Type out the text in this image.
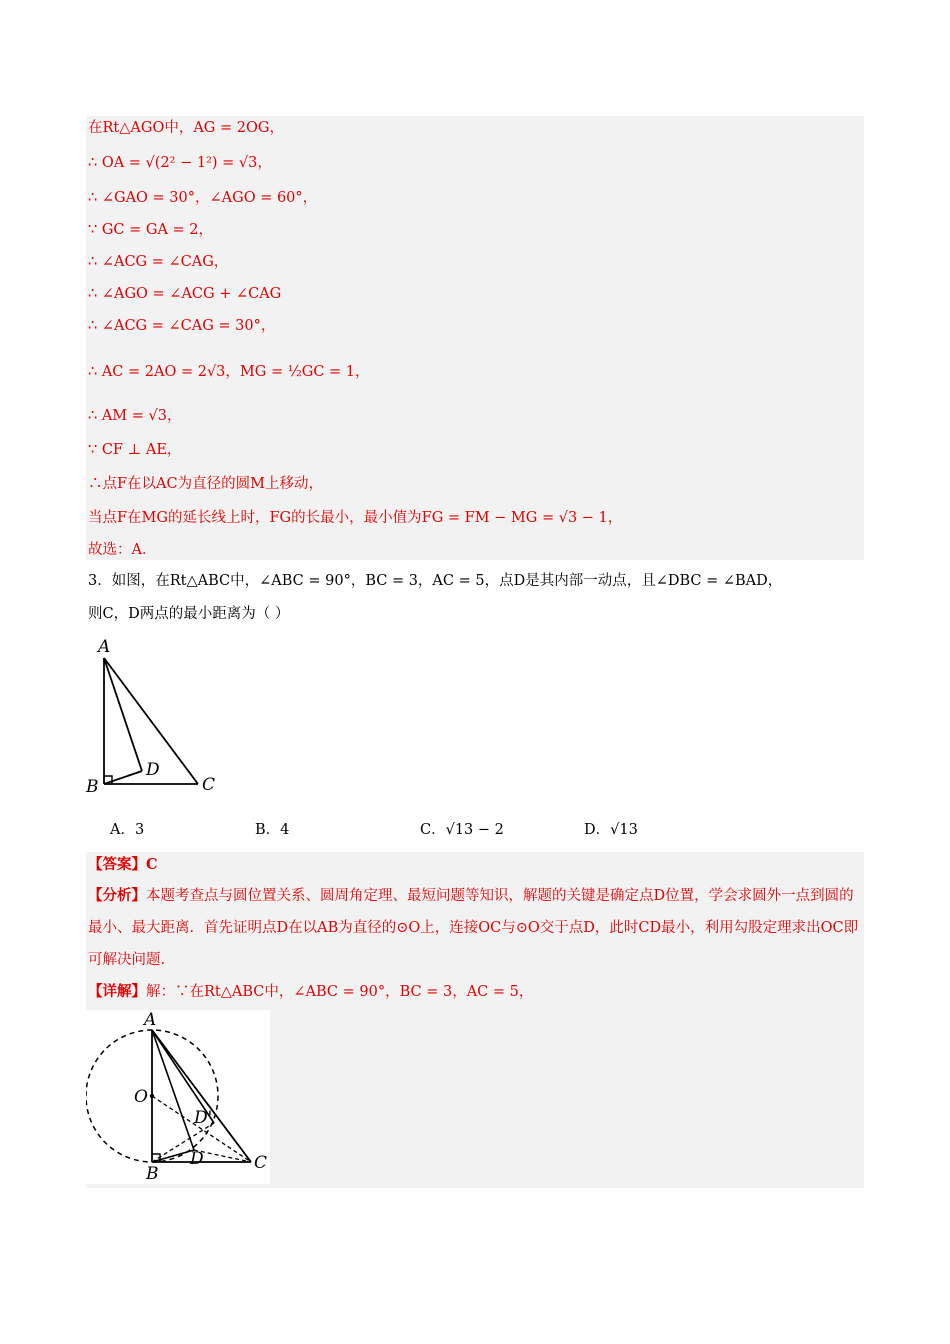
在Rt△AGO中，AG = 2OG，
∴ OA = √(2² − 1²) = √3，
∴ ∠GAO = 30°，∠AGO = 60°，
∵ GC = GA = 2，
∴ ∠ACG = ∠CAG，
∴ ∠AGO = ∠ACG + ∠CAG
∴ ∠ACG = ∠CAG = 30°，
∴ AC = 2AO = 2√3，MG = ½GC = 1，
∴ AM = √3，
∵ CF ⊥ AE，
∴点F在以AC为直径的圆M上移动，
当点F在MG的延长线上时，FG的长最小，最小值为FG = FM − MG = √3 − 1，
故选：A．
3．如图，在Rt△ABC中，∠ABC = 90°，BC = 3，AC = 5，点D是其内部一动点，且∠DBC = ∠BAD，
则C，D两点的最小距离为（ ）
A
B	C
D
A．3	B．4	C．√13 − 2	D．√13
【答案】C
【分析】本题考查点与圆位置关系、圆周角定理、最短问题等知识，解题的关键是确定点D位置，学会求圆外一点到圆的最小、最大距离．首先证明点D在以AB为直径的⊙O上，连接OC与⊙O交于点D，此时CD最小，利用勾股定理求出OC即可解决问题.
【详解】解：∵在Rt△ABC中，∠ABC = 90°，BC = 3，AC = 5，
A
O
D'
D
B
C
